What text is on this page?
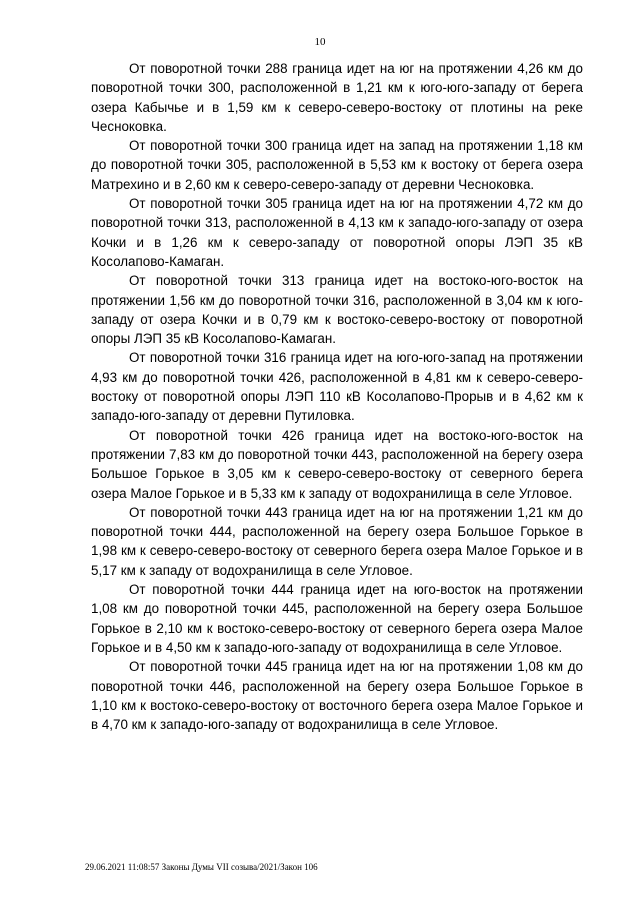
10

От поворотной точки 288 граница идет на юг на протяжении 4,26 км до поворотной точки 300, расположенной в 1,21 км к юго-юго-западу от берега озера Кабычье и в 1,59 км к северо-северо-востоку от плотины на реке Чесноковка.

От поворотной точки 300 граница идет на запад на протяжении 1,18 км до поворотной точки 305, расположенной в 5,53 км к востоку от берега озера Матрехино и в 2,60 км к северо-северо-западу от деревни Чесноковка.

От поворотной точки 305 граница идет на юг на протяжении 4,72 км до поворотной точки 313, расположенной в 4,13 км к западо-юго-западу от озера Кочки и в 1,26 км к северо-западу от поворотной опоры ЛЭП 35 кВ Косолапово-Камаган.

От поворотной точки 313 граница идет на востоко-юго-восток на протяжении 1,56 км до поворотной точки 316, расположенной в 3,04 км к юго-западу от озера Кочки и в 0,79 км к востоко-северо-востоку от поворотной опоры ЛЭП 35 кВ Косолапово-Камаган.

От поворотной точки 316 граница идет на юго-юго-запад на протяжении 4,93 км до поворотной точки 426, расположенной в 4,81 км к северо-северо-востоку от поворотной опоры ЛЭП 110 кВ Косолапово-Прорыв и в 4,62 км к западо-юго-западу от деревни Путиловка.

От поворотной точки 426 граница идет на востоко-юго-восток на протяжении 7,83 км до поворотной точки 443, расположенной на берегу озера Большое Горькое в 3,05 км к северо-северо-востоку от северного берега озера Малое Горькое и в 5,33 км к западу от водохранилища в селе Угловое.

От поворотной точки 443 граница идет на юг на протяжении 1,21 км до поворотной точки 444, расположенной на берегу озера Большое Горькое в 1,98 км к северо-северо-востоку от северного берега озера Малое Горькое и в 5,17 км к западу от водохранилища в селе Угловое.

От поворотной точки 444 граница идет на юго-восток на протяжении 1,08 км до поворотной точки 445, расположенной на берегу озера Большое Горькое в 2,10 км к востоко-северо-востоку от северного берега озера Малое Горькое и в 4,50 км к западо-юго-западу от водохранилища в селе Угловое.

От поворотной точки 445 граница идет на юг на протяжении 1,08 км до поворотной точки 446, расположенной на берегу озера Большое Горькое в 1,10 км к востоко-северо-востоку от восточного берега озера Малое Горькое и в 4,70 км к западо-юго-западу от водохранилища в селе Угловое.

29.06.2021 11:08:57 Законы Думы VII созыва/2021/Закон 106
